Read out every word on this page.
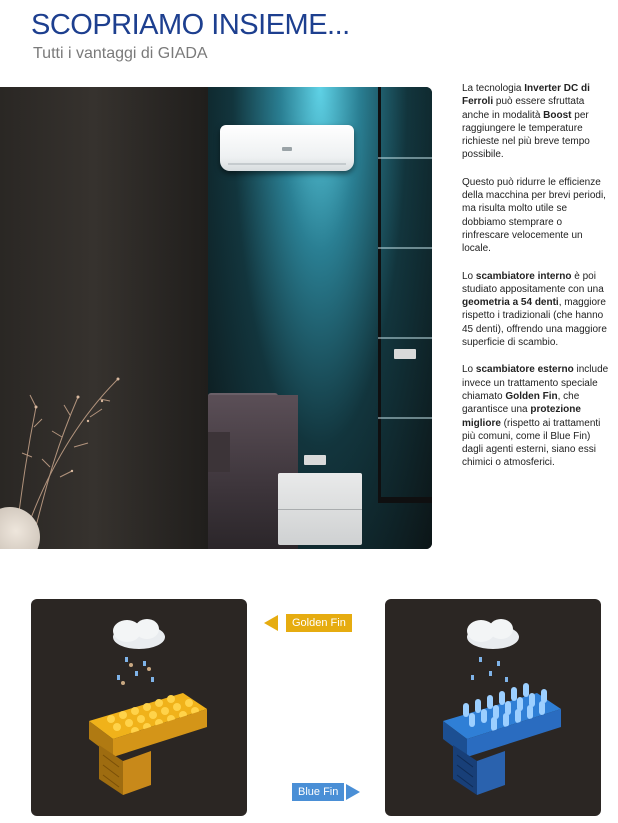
SCOPRIAMO INSIEME...
Tutti i vantaggi di GIADA

La tecnologia Inverter DC di Ferroli può essere sfruttata anche in modalità Boost per raggiungere le temperature richieste nel più breve tempo possibile.

Questo può ridurre le efficienze della macchina per brevi periodi, ma risulta molto utile se dobbiamo stemprare o rinfrescare velocemente un locale.

Lo scambiatore interno è poi studiato appositamente con una geometria a 54 denti, maggiore rispetto i tradizionali (che hanno 45 denti), offrendo una maggiore superficie di scambio.

Lo scambiatore esterno include invece un trattamento speciale chiamato Golden Fin, che garantisce una protezione migliore (rispetto ai trattamenti più comuni, come il Blue Fin) dagli agenti esterni, siano essi chimici o atmosferici.

Golden Fin
Blue Fin
